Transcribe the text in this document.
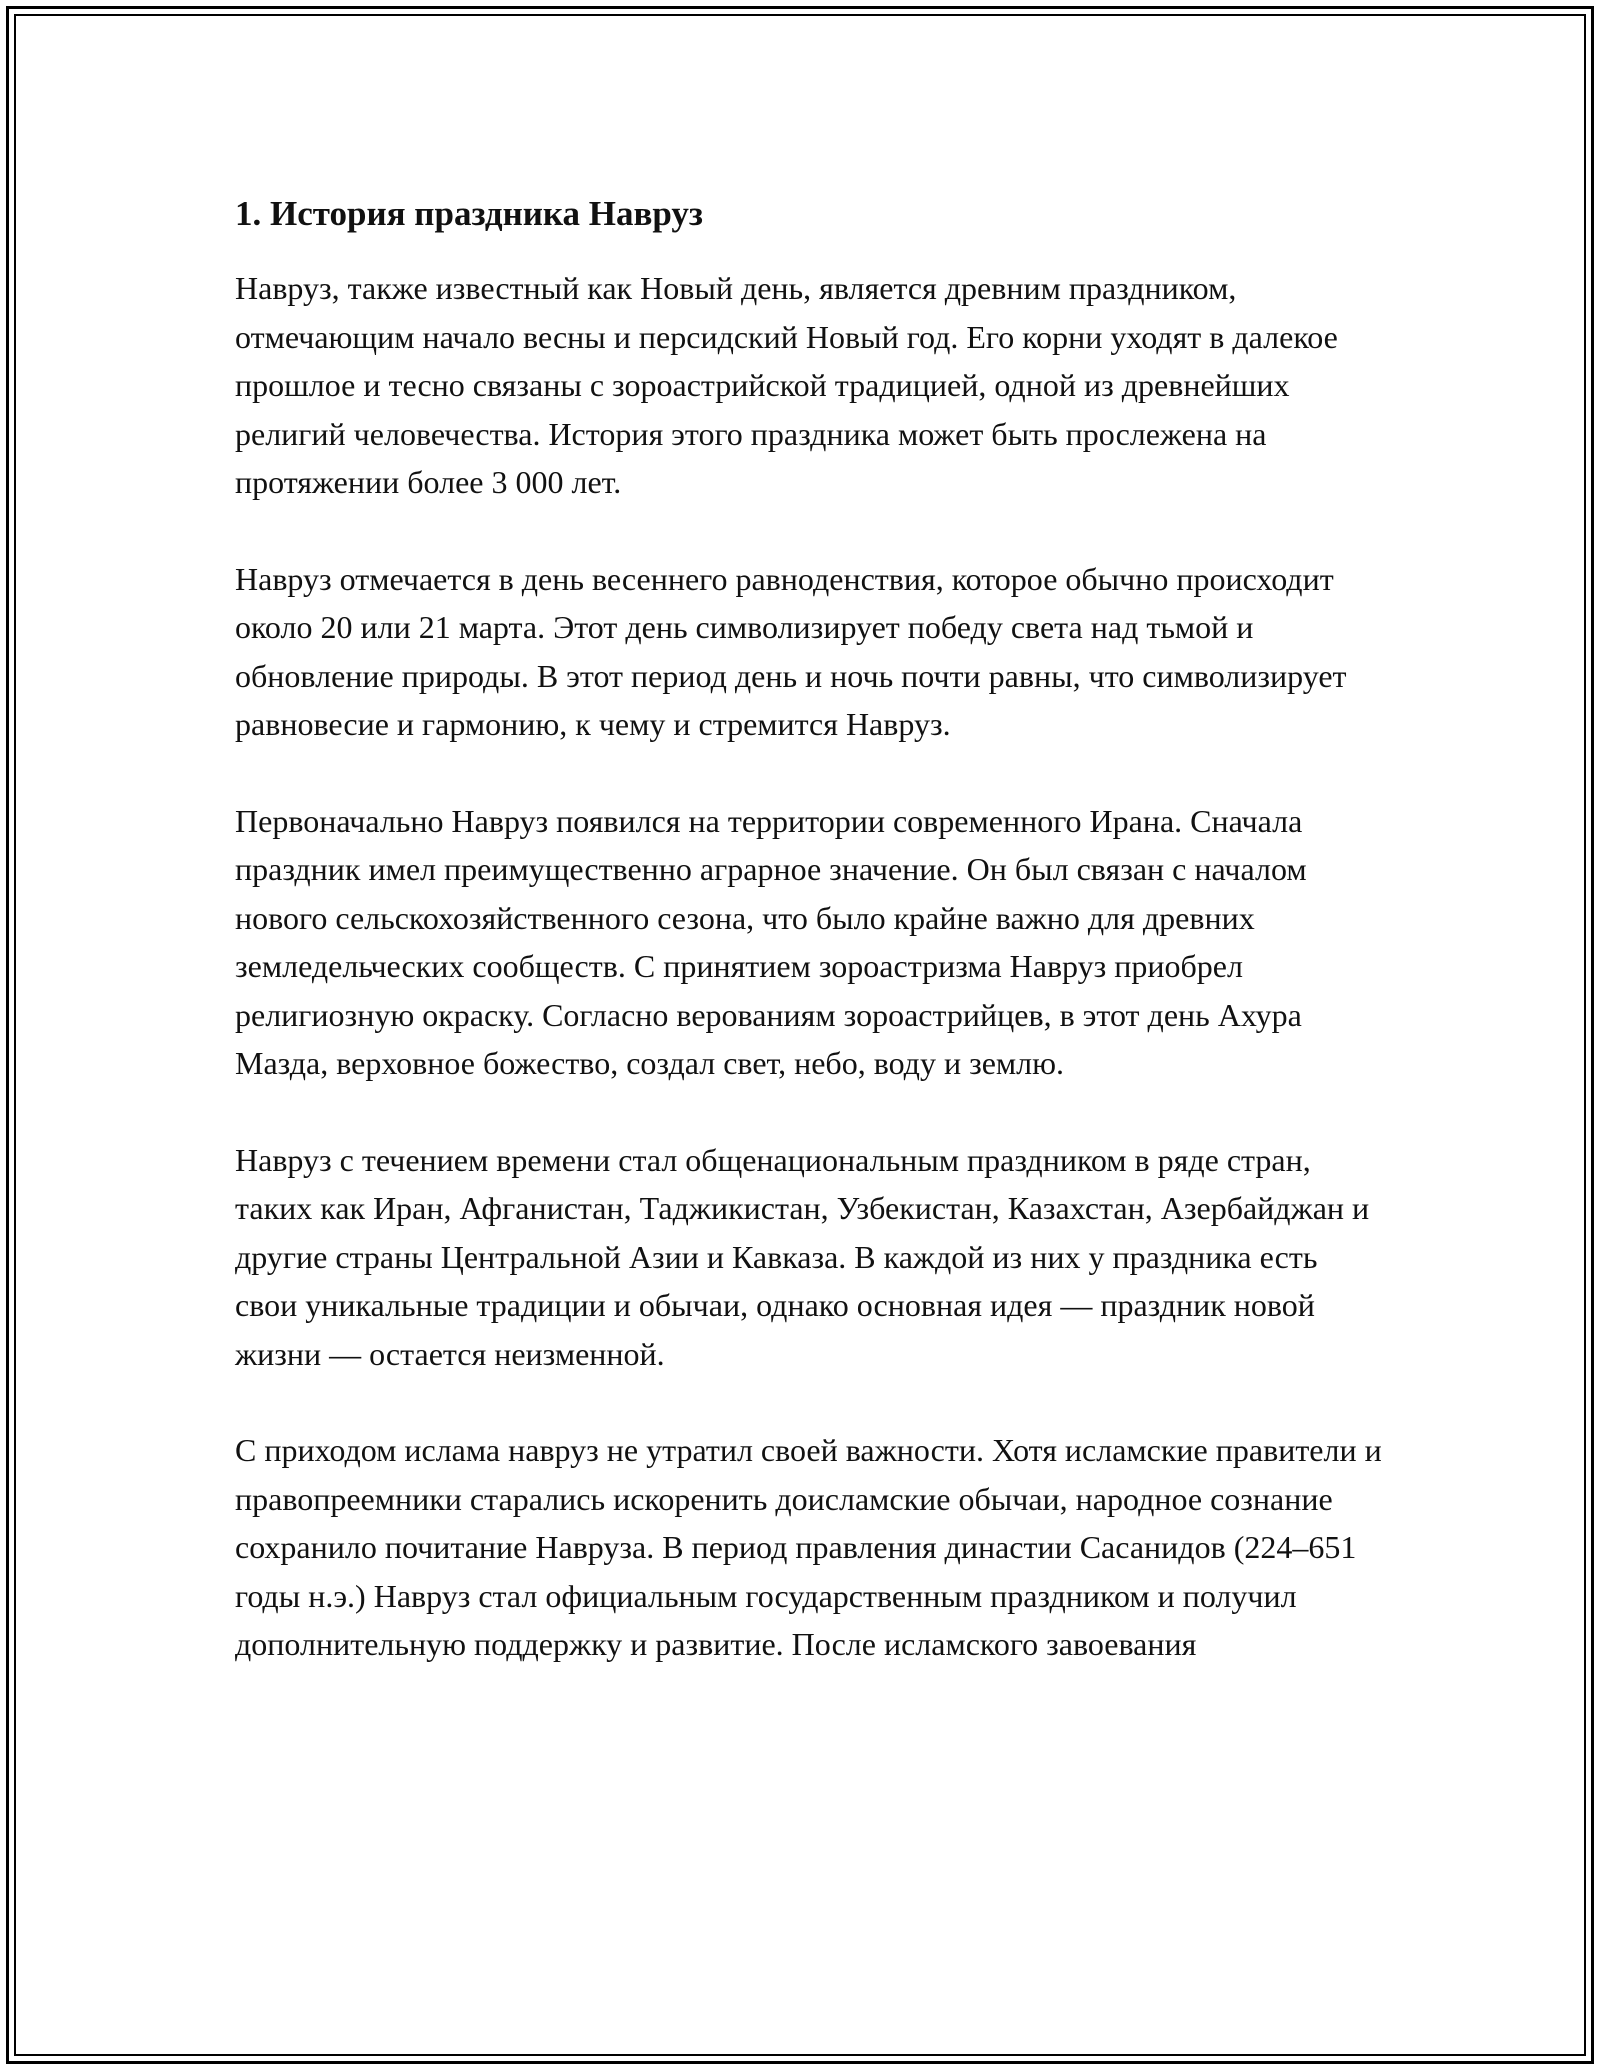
1. История праздника Навруз

Навруз, также известный как Новый день, является древним праздником, отмечающим начало весны и персидский Новый год. Его корни уходят в далекое прошлое и тесно связаны с зороастрийской традицией, одной из древнейших религий человечества. История этого праздника может быть прослежена на протяжении более 3 000 лет.

Навруз отмечается в день весеннего равноденствия, которое обычно происходит около 20 или 21 марта. Этот день символизирует победу света над тьмой и обновление природы. В этот период день и ночь почти равны, что символизирует равновесие и гармонию, к чему и стремится Навруз.

Первоначально Навруз появился на территории современного Ирана. Сначала праздник имел преимущественно аграрное значение. Он был связан с началом нового сельскохозяйственного сезона, что было крайне важно для древних земледельческих сообществ. С принятием зороастризма Навруз приобрел религиозную окраску. Согласно верованиям зороастрийцев, в этот день Ахура Мазда, верховное божество, создал свет, небо, воду и землю.

Навруз с течением времени стал общенациональным праздником в ряде стран, таких как Иран, Афганистан, Таджикистан, Узбекистан, Казахстан, Азербайджан и другие страны Центральной Азии и Кавказа. В каждой из них у праздника есть свои уникальные традиции и обычаи, однако основная идея — праздник новой жизни — остается неизменной.

С приходом ислама навруз не утратил своей важности. Хотя исламские правители и правопреемники старались искоренить доисламские обычаи, народное сознание сохранило почитание Навруза. В период правления династии Сасанидов (224–651 годы н.э.) Навруз стал официальным государственным праздником и получил дополнительную поддержку и развитие. После исламского завоевания
